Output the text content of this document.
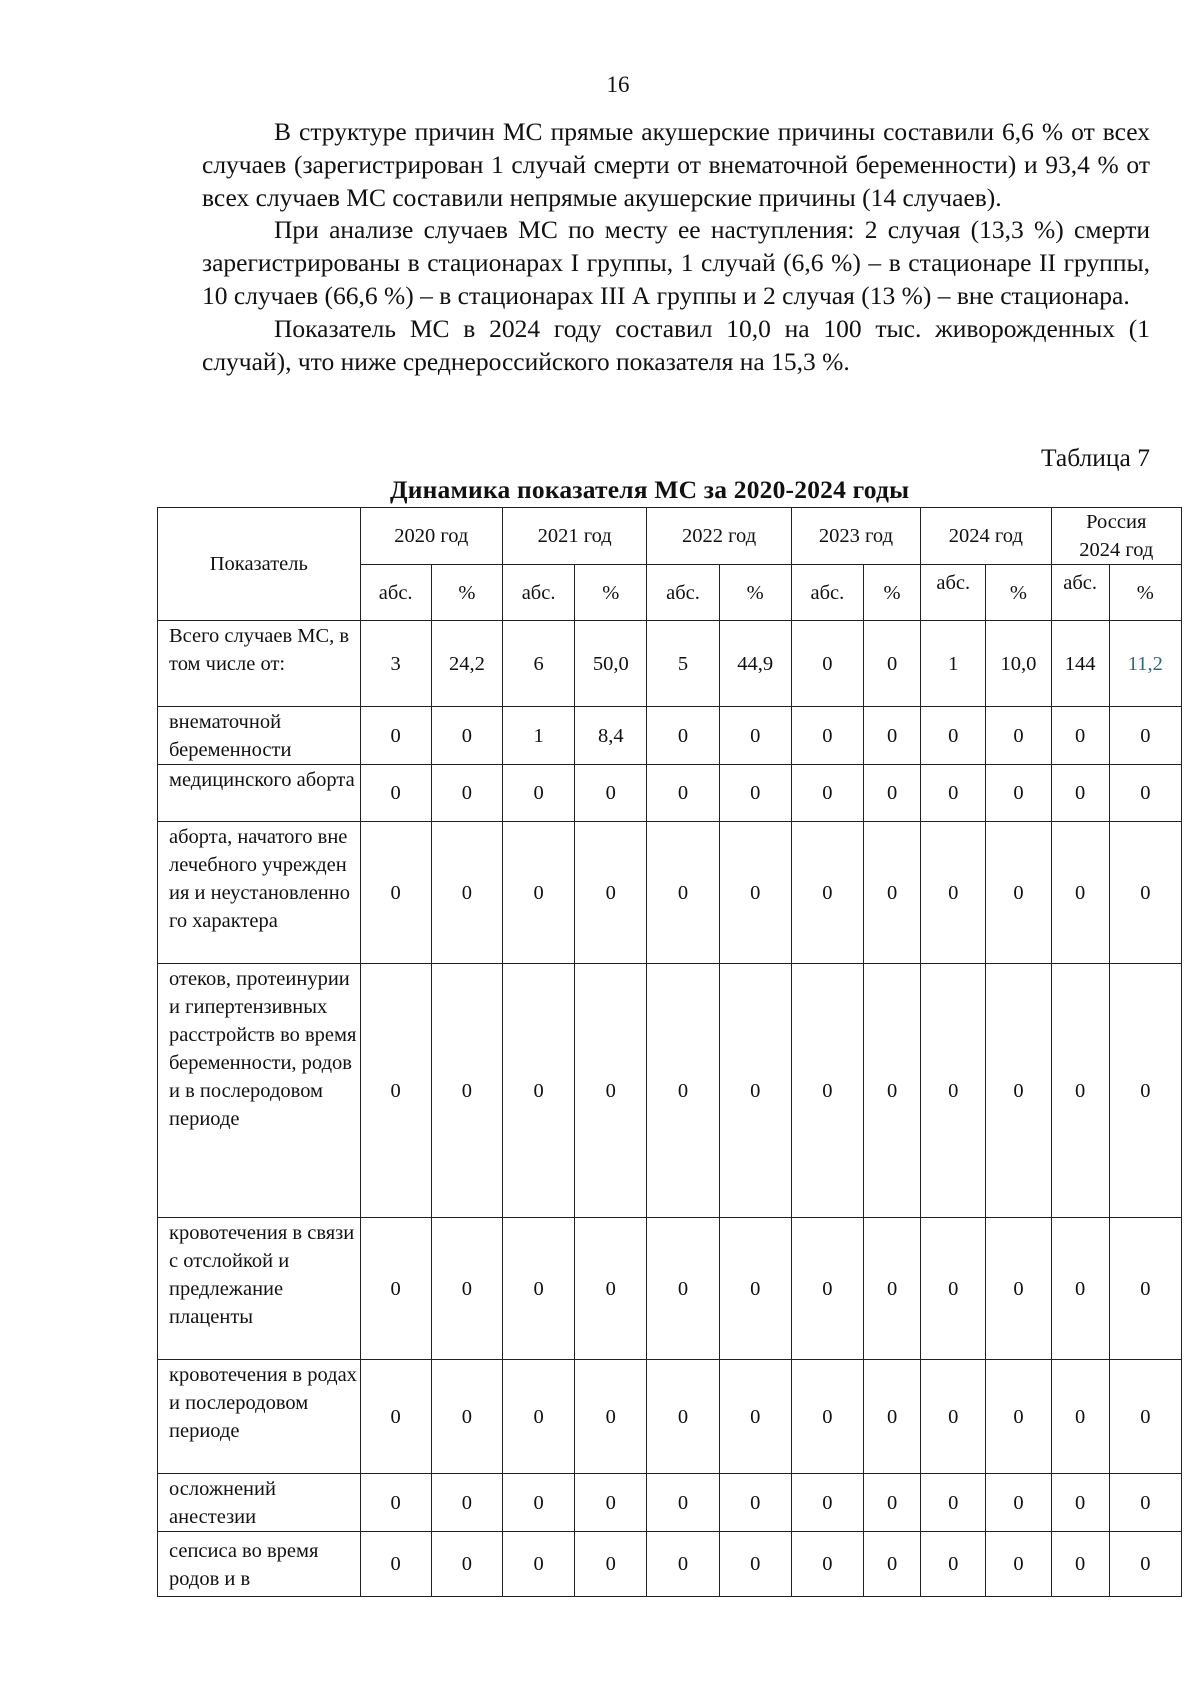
16

В структуре причин МС прямые акушерские причины составили 6,6 % от всех случаев (зарегистрирован 1 случай смерти от внематочной беременности) и 93,4 % от всех случаев МС составили непрямые акушерские причины (14 случаев).

При анализе случаев МС по месту ее наступления: 2 случая (13,3 %) смерти зарегистрированы в стационарах I группы, 1 случай (6,6 %) – в стационаре II группы, 10 случаев (66,6 %) – в стационарах III А группы и 2 случая (13 %) – вне стационара.

Показатель МС в 2024 году составил 10,0 на 100 тыс. живорожденных (1 случай), что ниже среднероссийского показателя на 15,3 %.

Таблица 7
Динамика показателя МС за 2020-2024 годы
Показатель	2020 год		2021 год		2022 год		2023 год		2024 год		Россия 2024 год	
	абс.	%	абс.	%	абс.	%	абс.	%	абс.	%	абс.	%
Всего случаев МС, в том числе от:	3	24,2	6	50,0	5	44,9	0	0	1	10,0	144	11,2
внематочной беременности	0	0	1	8,4	0	0	0	0	0	0	0	0
медицинского аборта	0	0	0	0	0	0	0	0	0	0	0	0
аборта, начатого вне лечебного учреждения и неустановленного характера	0	0	0	0	0	0	0	0	0	0	0	0
отеков, протеинурии и гипертензивных расстройств во время беременности, родов и в послеродовом периоде	0	0	0	0	0	0	0	0	0	0	0	0
кровотечения в связи с отслойкой и предлежание плаценты	0	0	0	0	0	0	0	0	0	0	0	0
кровотечения в родах и послеродовом периоде	0	0	0	0	0	0	0	0	0	0	0	0
осложнений анестезии	0	0	0	0	0	0	0	0	0	0	0	0
сепсиса во время родов и в	0	0	0	0	0	0	0	0	0	0	0	0
